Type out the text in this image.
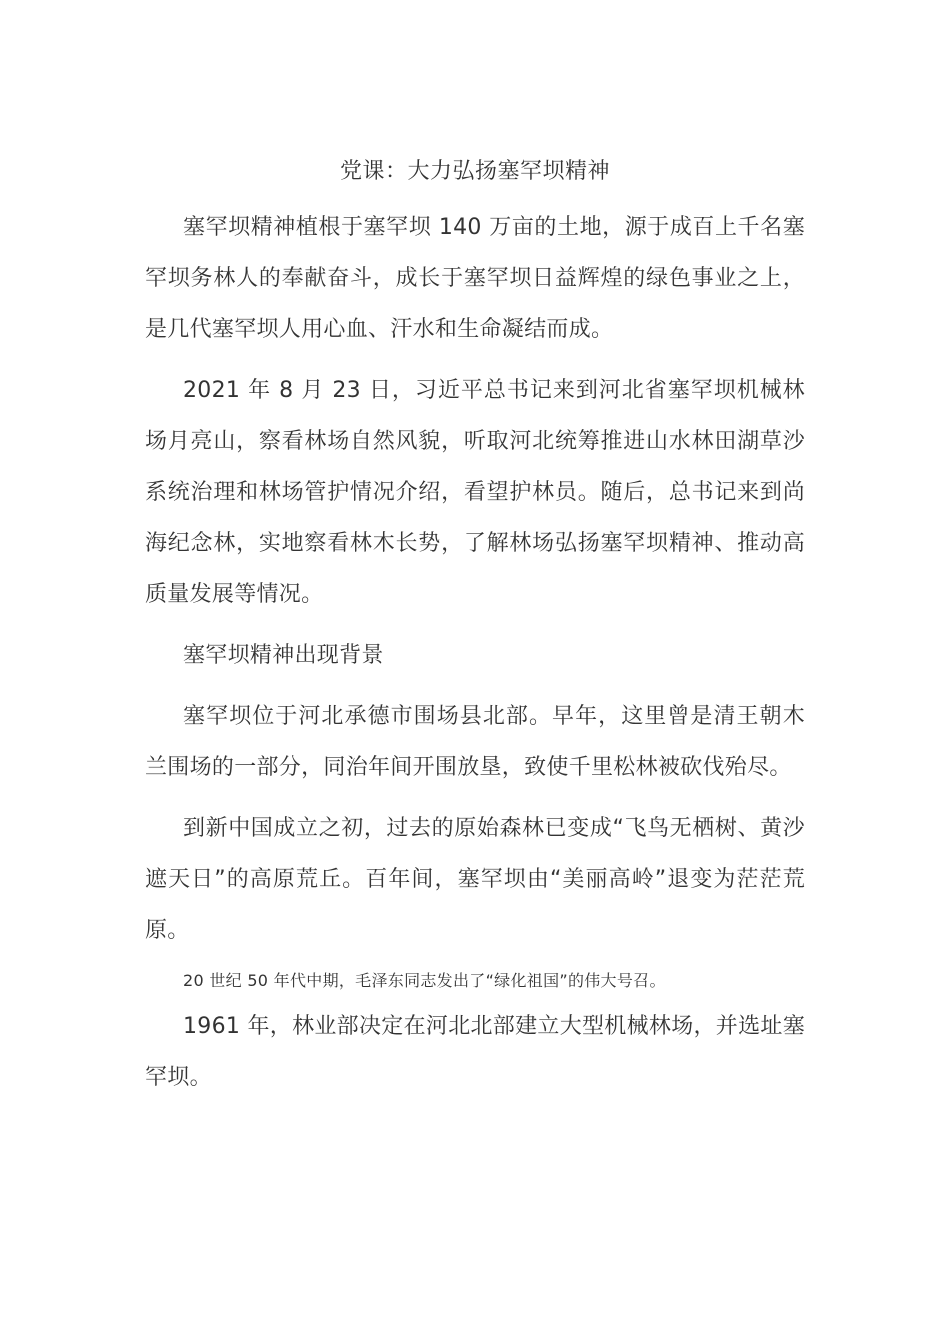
党课：大力弘扬塞罕坝精神

塞罕坝精神植根于塞罕坝 140 万亩的土地，源于成百上千名塞罕坝务林人的奉献奋斗，成长于塞罕坝日益辉煌的绿色事业之上，是几代塞罕坝人用心血、汗水和生命凝结而成。

2021 年 8 月 23 日，习近平总书记来到河北省塞罕坝机械林场月亮山，察看林场自然风貌，听取河北统筹推进山水林田湖草沙系统治理和林场管护情况介绍，看望护林员。随后，总书记来到尚海纪念林，实地察看林木长势，了解林场弘扬塞罕坝精神、推动高质量发展等情况。

塞罕坝精神出现背景

塞罕坝位于河北承德市围场县北部。早年，这里曾是清王朝木兰围场的一部分，同治年间开围放垦，致使千里松林被砍伐殆尽。

到新中国成立之初，过去的原始森林已变成“飞鸟无栖树、黄沙遮天日”的高原荒丘。百年间，塞罕坝由“美丽高岭”退变为茫茫荒原。

20 世纪 50 年代中期，毛泽东同志发出了“绿化祖国”的伟大号召。

1961 年，林业部决定在河北北部建立大型机械林场，并选址塞罕坝。
